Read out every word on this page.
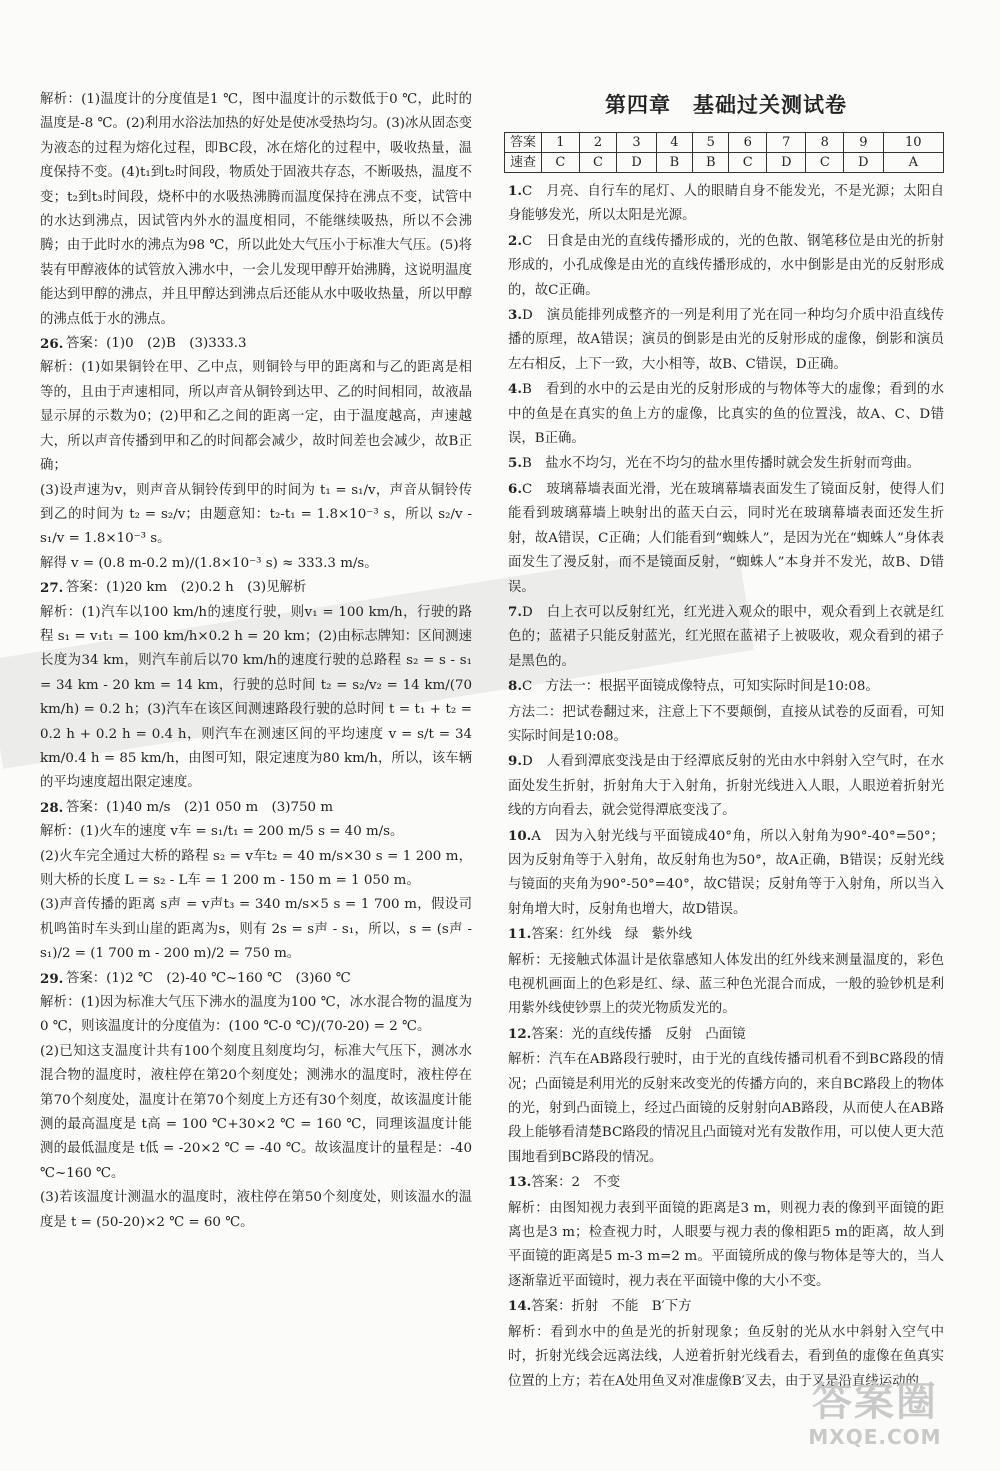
解析：(1)温度计的分度值是1 ℃，图中温度计的示数低于0 ℃，此时的温度是-8 ℃。(2)利用水浴法加热的好处是使冰受热均匀。(3)冰从固态变为液态的过程为熔化过程，即BC段，冰在熔化的过程中，吸收热量，温度保持不变。(4)t₁到t₂时间段，物质处于固液共存态，不断吸热，温度不变；t₂到t₃时间段，烧杯中的水吸热沸腾而温度保持在沸点不变，试管中的水达到沸点，因试管内外水的温度相同，不能继续吸热，所以不会沸腾；由于此时水的沸点为98 ℃，所以此处大气压小于标准大气压。(5)将装有甲醇液体的试管放入沸水中，一会儿发现甲醇开始沸腾，这说明温度能达到甲醇的沸点，并且甲醇达到沸点后还能从水中吸收热量，所以甲醇的沸点低于水的沸点。

26. 答案：(1)0　(2)B　(3)333.3

解析：(1)如果铜铃在甲、乙中点，则铜铃与甲的距离和与乙的距离是相等的，且由于声速相同，所以声音从铜铃到达甲、乙的时间相同，故液晶显示屏的示数为0；(2)甲和乙之间的距离一定，由于温度越高，声速越大，所以声音传播到甲和乙的时间都会减少，故时间差也会减少，故B正确；

(3)设声速为v，则声音从铜铃传到甲的时间为 t₁ = s₁/v，声音从铜铃传到乙的时间为 t₂ = s₂/v；由题意知：t₂-t₁ = 1.8×10⁻³ s，所以 s₂/v - s₁/v = 1.8×10⁻³ s。

解得 v = (0.8 m-0.2 m)/(1.8×10⁻³ s) ≈ 333.3 m/s。

27. 答案：(1)20 km　(2)0.2 h　(3)见解析

解析：(1)汽车以100 km/h的速度行驶，则v₁ = 100 km/h，行驶的路程 s₁ = v₁t₁ = 100 km/h×0.2 h = 20 km；(2)由标志牌知：区间测速长度为34 km，则汽车前后以70 km/h的速度行驶的总路程 s₂ = s - s₁ = 34 km - 20 km = 14 km，行驶的总时间 t₂ = s₂/v₂ = 14 km/(70 km/h) = 0.2 h；(3)汽车在该区间测速路段行驶的总时间 t = t₁ + t₂ = 0.2 h + 0.2 h = 0.4 h，则汽车在测速区间的平均速度 v = s/t = 34 km/0.4 h = 85 km/h，由图可知，限定速度为80 km/h，所以，该车辆的平均速度超出限定速度。

28. 答案：(1)40 m/s　(2)1 050 m　(3)750 m

解析：(1)火车的速度 v车 = s₁/t₁ = 200 m/5 s = 40 m/s。

(2)火车完全通过大桥的路程 s₂ = v车t₂ = 40 m/s×30 s = 1 200 m，则大桥的长度 L = s₂ - L车 = 1 200 m - 150 m = 1 050 m。

(3)声音传播的距离 s声 = v声t₃ = 340 m/s×5 s = 1 700 m，假设司机鸣笛时车头到山崖的距离为s，则有 2s = s声 - s₁，所以，s = (s声 - s₁)/2 = (1 700 m - 200 m)/2 = 750 m。

29. 答案：(1)2 ℃　(2)-40 ℃~160 ℃　(3)60 ℃

解析：(1)因为标准大气压下沸水的温度为100 ℃，冰水混合物的温度为0 ℃，则该温度计的分度值为：(100 ℃-0 ℃)/(70-20) = 2 ℃。

(2)已知这支温度计共有100个刻度且刻度均匀，标准大气压下，测冰水混合物的温度时，液柱停在第20个刻度处；测沸水的温度时，液柱停在第70个刻度处，温度计在第70个刻度上方还有30个刻度，故该温度计能测的最高温度是 t高 = 100 ℃+30×2 ℃ = 160 ℃，同理该温度计能测的最低温度是 t低 = -20×2 ℃ = -40 ℃。故该温度计的量程是：-40 ℃~160 ℃。

(3)若该温度计测温水的温度时，液柱停在第50个刻度处，则该温水的温度是 t = (50-20)×2 ℃ = 60 ℃。

第四章　基础过关测试卷
答案	1	2	3	4	5	6	7	8	9	10
速查	C	C	D	B	B	C	D	C	D	A
1.C　月亮、自行车的尾灯、人的眼睛自身不能发光，不是光源；太阳自身能够发光，所以太阳是光源。
2.C　日食是由光的直线传播形成的，光的色散、钢笔移位是由光的折射形成的，小孔成像是由光的直线传播形成的，水中倒影是由光的反射形成的，故C正确。
3.D　演员能排列成整齐的一列是利用了光在同一种均匀介质中沿直线传播的原理，故A错误；演员的倒影是由光的反射形成的虚像，倒影和演员左右相反，上下一致，大小相等，故B、C错误，D正确。
4.B　看到的水中的云是由光的反射形成的与物体等大的虚像；看到的水中的鱼是在真实的鱼上方的虚像，比真实的鱼的位置浅，故A、C、D错误，B正确。
5.B　盐水不均匀，光在不均匀的盐水里传播时就会发生折射而弯曲。
6.C　玻璃幕墙表面光滑，光在玻璃幕墙表面发生了镜面反射，使得人们能看到玻璃幕墙上映射出的蓝天白云，同时光在玻璃幕墙表面还发生折射，故A错误，C正确；人们能看到“蜘蛛人”，是因为光在“蜘蛛人”身体表面发生了漫反射，而不是镜面反射，“蜘蛛人”本身并不发光，故B、D错误。
7.D　白上衣可以反射红光，红光进入观众的眼中，观众看到上衣就是红色的；蓝裙子只能反射蓝光，红光照在蓝裙子上被吸收，观众看到的裙子是黑色的。
8.C　方法一：根据平面镜成像特点，可知实际时间是10:08。
方法二：把试卷翻过来，注意上下不要颠倒，直接从试卷的反面看，可知实际时间是10:08。
9.D　人看到潭底变浅是由于经潭底反射的光由水中斜射入空气时，在水面处发生折射，折射角大于入射角，折射光线进入人眼，人眼逆着折射光线的方向看去，就会觉得潭底变浅了。
10.A　因为入射光线与平面镜成40°角，所以入射角为90°-40°=50°；因为反射角等于入射角，故反射角也为50°，故A正确，B错误；反射光线与镜面的夹角为90°-50°=40°，故C错误；反射角等于入射角，所以当入射角增大时，反射角也增大，故D错误。
11.答案：红外线　绿　紫外线
解析：无接触式体温计是依靠感知人体发出的红外线来测量温度的，彩色电视机画面上的色彩是红、绿、蓝三种色光混合而成，一般的验钞机是利用紫外线使钞票上的荧光物质发光的。
12.答案：光的直线传播　反射　凸面镜
解析：汽车在AB路段行驶时，由于光的直线传播司机看不到BC路段的情况；凸面镜是利用光的反射来改变光的传播方向的，来自BC路段上的物体的光，射到凸面镜上，经过凸面镜的反射射向AB路段，从而使人在AB路段上能够看清楚BC路段的情况且凸面镜对光有发散作用，可以使人更大范围地看到BC路段的情况。
13.答案：2　不变
解析：由图知视力表到平面镜的距离是3 m，则视力表的像到平面镜的距离也是3 m；检查视力时，人眼要与视力表的像相距5 m的距离，故人到平面镜的距离是5 m-3 m=2 m。平面镜所成的像与物体是等大的，当人逐渐靠近平面镜时，视力表在平面镜中像的大小不变。
14.答案：折射　不能　B′下方
解析：看到水中的鱼是光的折射现象；鱼反射的光从水中斜射入空气中时，折射光线会远离法线，人逆着折射光线看去，看到鱼的虚像在鱼真实位置的上方；若在A处用鱼叉对准虚像B′叉去，由于叉是沿直线运动的，
答案圈
MXQE.COM
